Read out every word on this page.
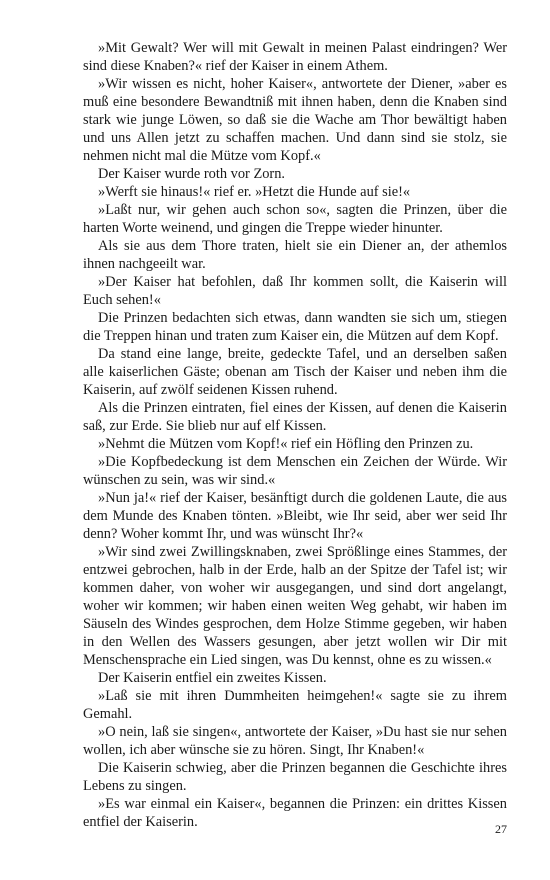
»Mit Gewalt? Wer will mit Gewalt in meinen Palast eindringen? Wer sind diese Knaben?« rief der Kaiser in einem Athem.

»Wir wissen es nicht, hoher Kaiser«, antwortete der Diener, »aber es muß eine besondere Bewandtniß mit ihnen haben, denn die Knaben sind stark wie junge Löwen, so daß sie die Wache am Thor bewältigt haben und uns Allen jetzt zu schaffen machen. Und dann sind sie stolz, sie nehmen nicht mal die Mütze vom Kopf.«

Der Kaiser wurde roth vor Zorn.

»Werft sie hinaus!« rief er. »Hetzt die Hunde auf sie!«

»Laßt nur, wir gehen auch schon so«, sagten die Prinzen, über die harten Worte weinend, und gingen die Treppe wieder hinunter.

Als sie aus dem Thore traten, hielt sie ein Diener an, der athemlos ihnen nachgeeilt war.

»Der Kaiser hat befohlen, daß Ihr kommen sollt, die Kaiserin will Euch sehen!«

Die Prinzen bedachten sich etwas, dann wandten sie sich um, stiegen die Treppen hinan und traten zum Kaiser ein, die Mützen auf dem Kopf.

Da stand eine lange, breite, gedeckte Tafel, und an derselben saßen alle kaiserlichen Gäste; obenan am Tisch der Kaiser und neben ihm die Kaiserin, auf zwölf seidenen Kissen ruhend.

Als die Prinzen eintraten, fiel eines der Kissen, auf denen die Kaiserin saß, zur Erde. Sie blieb nur auf elf Kissen.

»Nehmt die Mützen vom Kopf!« rief ein Höfling den Prinzen zu.

»Die Kopfbedeckung ist dem Menschen ein Zeichen der Würde. Wir wünschen zu sein, was wir sind.«

»Nun ja!« rief der Kaiser, besänftigt durch die goldenen Laute, die aus dem Munde des Knaben tönten. »Bleibt, wie Ihr seid, aber wer seid Ihr denn? Woher kommt Ihr, und was wünscht Ihr?«

»Wir sind zwei Zwillingsknaben, zwei Sprößlinge eines Stammes, der entzwei gebrochen, halb in der Erde, halb an der Spitze der Tafel ist; wir kommen daher, von woher wir ausgegangen, und sind dort angelangt, woher wir kommen; wir haben einen weiten Weg gehabt, wir haben im Säuseln des Windes gesprochen, dem Holze Stimme gegeben, wir haben in den Wellen des Wassers gesungen, aber jetzt wollen wir Dir mit Menschensprache ein Lied singen, was Du kennst, ohne es zu wissen.«

Der Kaiserin entfiel ein zweites Kissen.

»Laß sie mit ihren Dummheiten heimgehen!« sagte sie zu ihrem Gemahl.

»O nein, laß sie singen«, antwortete der Kaiser, »Du hast sie nur sehen wollen, ich aber wünsche sie zu hören. Singt, Ihr Knaben!«

Die Kaiserin schwieg, aber die Prinzen begannen die Geschichte ihres Lebens zu singen.

»Es war einmal ein Kaiser«, begannen die Prinzen: ein drittes Kissen entfiel der Kaiserin.	27
